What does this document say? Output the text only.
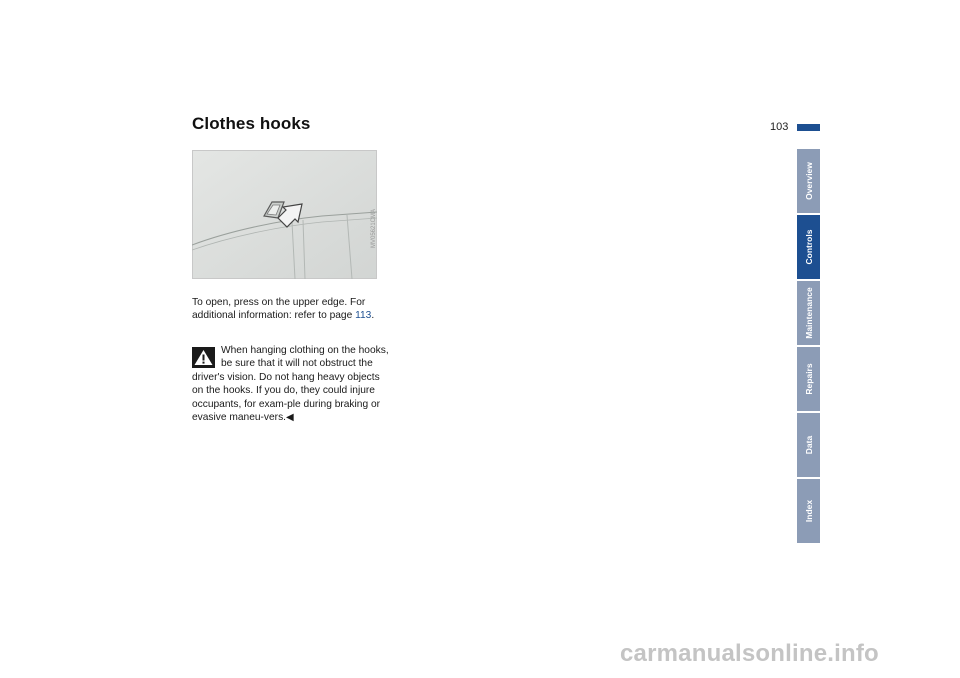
Clothes hooks	103
MV05621CMA
To open, press on the upper edge. For additional information: refer to page 113.
When hanging clothing on the hooks, be sure that it will not obstruct the driver's vision. Do not hang heavy objects on the hooks. If you do, they could injure occupants, for exam-ple during braking or evasive maneu-vers.◀
Overview
Controls
Maintenance
Repairs
Data
Index
carmanualsonline.info
